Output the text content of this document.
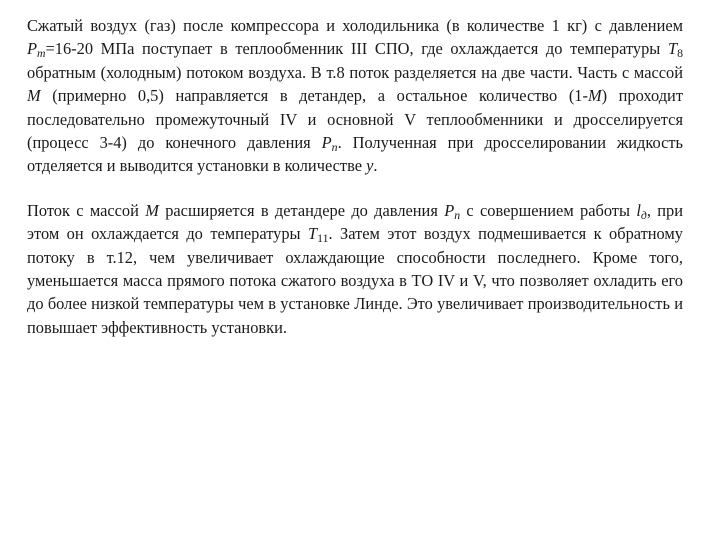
Сжатый воздух (газ) после компрессора и холодильника (в количестве 1 кг) с давлением $P_m=16-20$ МПа поступает в теплообменник III СПО, где охлаждается до температуры $T_8$ обратным (холодным) потоком воздуха. В т.8 поток разделяется на две части. Часть с массой M (примерно 0,5) направляется в детандер, а остальное количество (1-M) проходит последовательно промежуточный IV и основной V теплообменники и дросселируется (процесс 3-4) до конечного давления $P_n$. Полученная при дросселировании жидкость отделяется и выводится установки в количестве y.

Поток с массой M расширяется в детандере до давления $P_n$ с совершением работы $l_д$, при этом он охлаждается до температуры $T_{11}$. Затем этот воздух подмешивается к обратному потоку в т.12, чем увеличивает охлаждающие способности последнего. Кроме того, уменьшается масса прямого потока сжатого воздуха в ТО IV и V, что позволяет охладить его до более низкой температуры чем в установке Линде. Это увеличивает производительность и повышает эффективность установки.
